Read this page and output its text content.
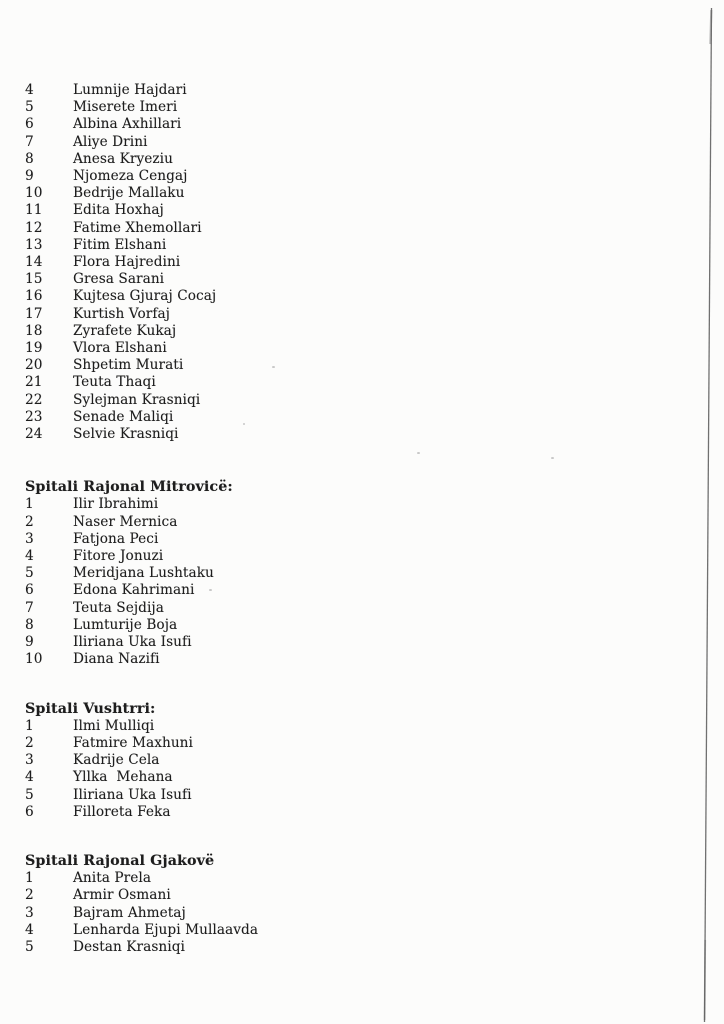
4	Lumnije Hajdari
5	Miserete Imeri
6	Albina Axhillari
7	Aliye Drini
8	Anesa Kryeziu
9	Njomeza Cengaj
10	Bedrije Mallaku
11	Edita Hoxhaj
12	Fatime Xhemollari
13	Fitim Elshani
14	Flora Hajredini
15	Gresa Sarani
16	Kujtesa Gjuraj Cocaj
17	Kurtish Vorfaj
18	Zyrafete Kukaj
19	Vlora Elshani
20	Shpetim Murati
21	Teuta Thaqi
22	Sylejman Krasniqi
23	Senade Maliqi
24	Selvie Krasniqi
Spitali Rajonal Mitrovicë:
1	Ilir Ibrahimi
2	Naser Mernica
3	Fatjona Peci
4	Fitore Jonuzi
5	Meridjana Lushtaku
6	Edona Kahrimani
7	Teuta Sejdija
8	Lumturije Boja
9	Iliriana Uka Isufi
10	Diana Nazifi
Spitali Vushtrri:
1	Ilmi Mulliqi
2	Fatmire Maxhuni
3	Kadrije Cela
4	Yllka  Mehana
5	Iliriana Uka Isufi
6	Filloreta Feka
Spitali Rajonal Gjakovë
1	Anita Prela
2	Armir Osmani
3	Bajram Ahmetaj
4	Lenharda Ejupi Mullaavda
5	Destan Krasniqi
